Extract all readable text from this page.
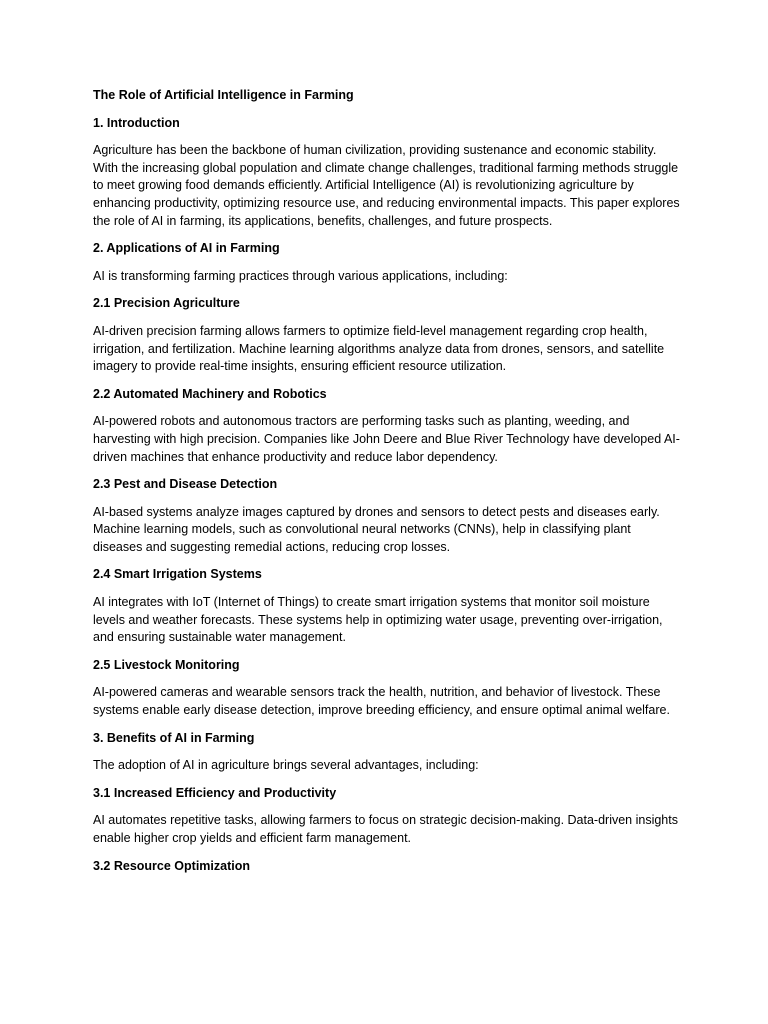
The Role of Artificial Intelligence in Farming
1. Introduction
Agriculture has been the backbone of human civilization, providing sustenance and economic stability. With the increasing global population and climate change challenges, traditional farming methods struggle to meet growing food demands efficiently. Artificial Intelligence (AI) is revolutionizing agriculture by enhancing productivity, optimizing resource use, and reducing environmental impacts. This paper explores the role of AI in farming, its applications, benefits, challenges, and future prospects.
2. Applications of AI in Farming
AI is transforming farming practices through various applications, including:
2.1 Precision Agriculture
AI-driven precision farming allows farmers to optimize field-level management regarding crop health, irrigation, and fertilization. Machine learning algorithms analyze data from drones, sensors, and satellite imagery to provide real-time insights, ensuring efficient resource utilization.
2.2 Automated Machinery and Robotics
AI-powered robots and autonomous tractors are performing tasks such as planting, weeding, and harvesting with high precision. Companies like John Deere and Blue River Technology have developed AI-driven machines that enhance productivity and reduce labor dependency.
2.3 Pest and Disease Detection
AI-based systems analyze images captured by drones and sensors to detect pests and diseases early. Machine learning models, such as convolutional neural networks (CNNs), help in classifying plant diseases and suggesting remedial actions, reducing crop losses.
2.4 Smart Irrigation Systems
AI integrates with IoT (Internet of Things) to create smart irrigation systems that monitor soil moisture levels and weather forecasts. These systems help in optimizing water usage, preventing over-irrigation, and ensuring sustainable water management.
2.5 Livestock Monitoring
AI-powered cameras and wearable sensors track the health, nutrition, and behavior of livestock. These systems enable early disease detection, improve breeding efficiency, and ensure optimal animal welfare.
3. Benefits of AI in Farming
The adoption of AI in agriculture brings several advantages, including:
3.1 Increased Efficiency and Productivity
AI automates repetitive tasks, allowing farmers to focus on strategic decision-making. Data-driven insights enable higher crop yields and efficient farm management.
3.2 Resource Optimization
